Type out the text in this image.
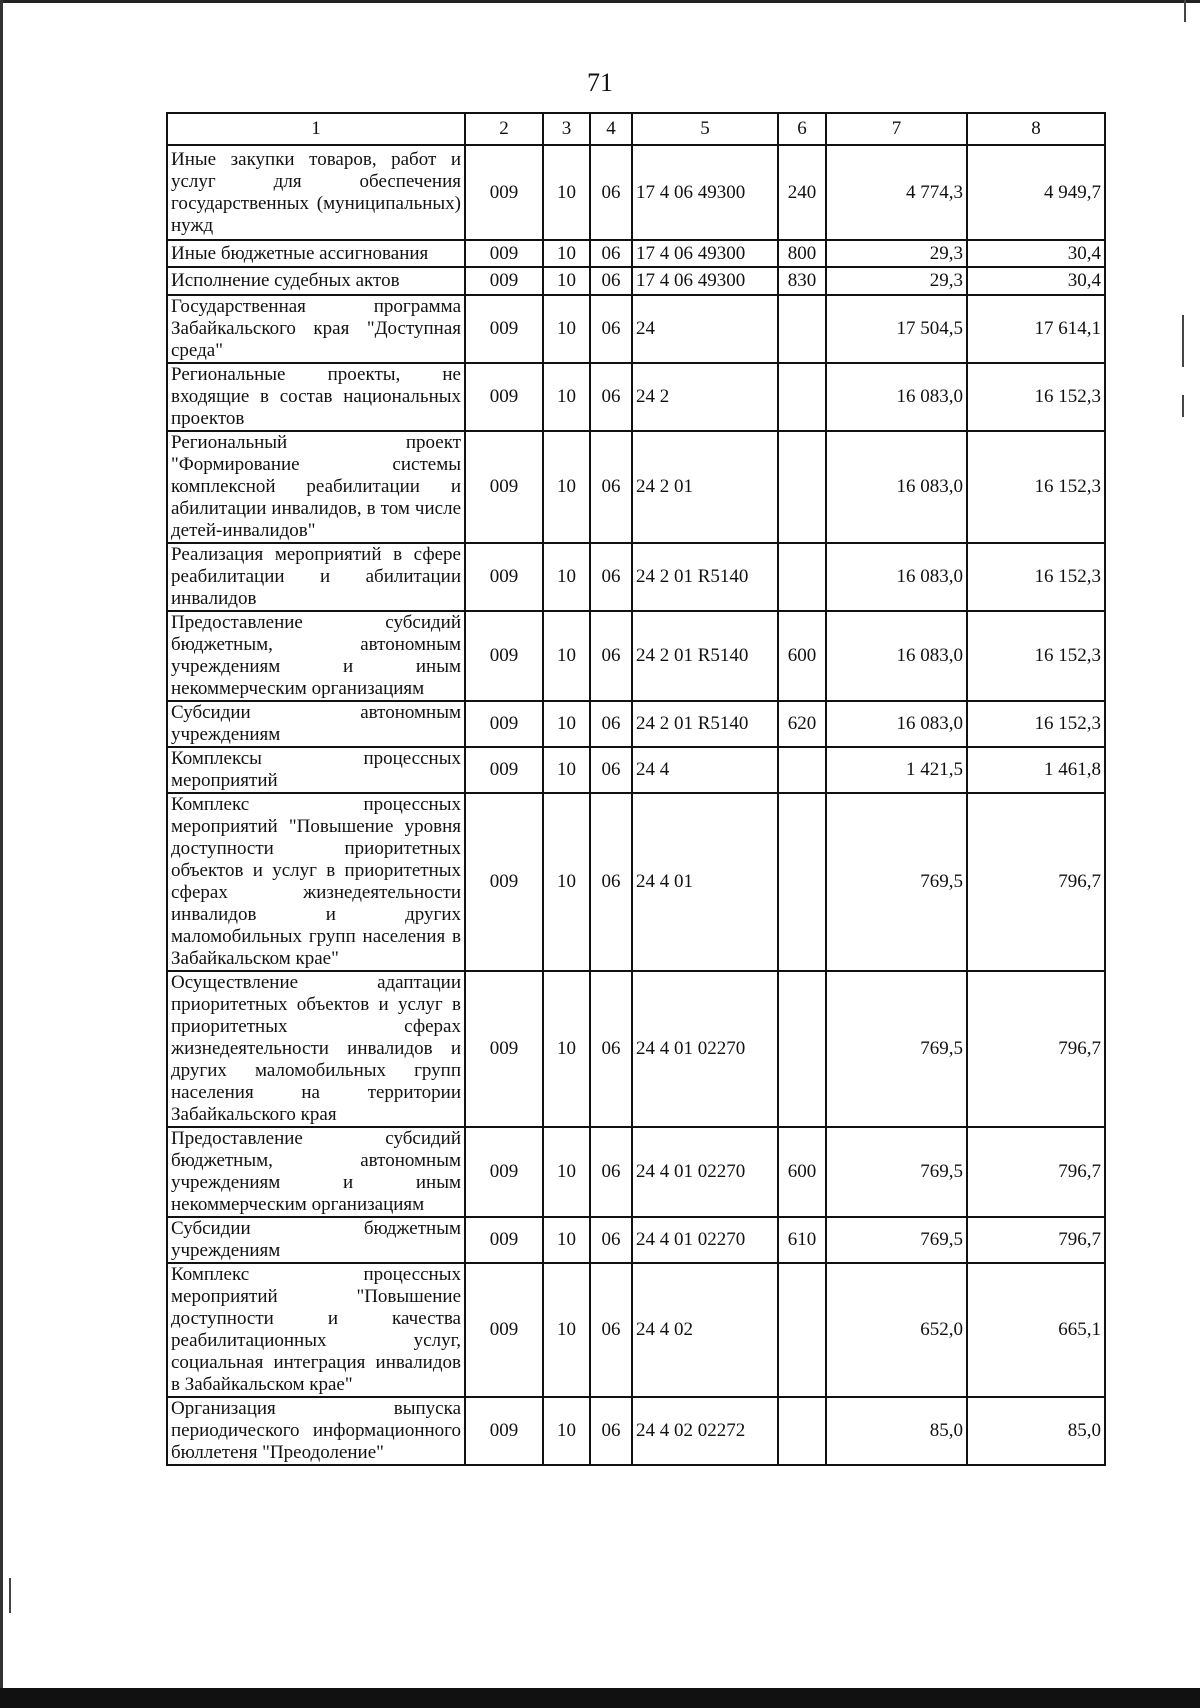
71
1	2	3	4	5	6	7	8
Иные закупки товаров, работ и услуг для обеспечения государственных (муниципальных) нужд	009	10	06	17 4 06 49300	240	4 774,3	4 949,7
Иные бюджетные ассигнования	009	10	06	17 4 06 49300	800	29,3	30,4
Исполнение судебных актов	009	10	06	17 4 06 49300	830	29,3	30,4
Государственная программа Забайкальского края "Доступная среда"	009	10	06	24		17 504,5	17 614,1
Региональные проекты, не входящие в состав национальных проектов	009	10	06	24 2		16 083,0	16 152,3
Региональный проект "Формирование системы комплексной реабилитации и абилитации инвалидов, в том числе детей-инвалидов"	009	10	06	24 2 01		16 083,0	16 152,3
Реализация мероприятий в сфере реабилитации и абилитации инвалидов	009	10	06	24 2 01 R5140		16 083,0	16 152,3
Предоставление субсидий бюджетным, автономным учреждениям и иным некоммерческим организациям	009	10	06	24 2 01 R5140	600	16 083,0	16 152,3
Субсидии автономным учреждениям	009	10	06	24 2 01 R5140	620	16 083,0	16 152,3
Комплексы процессных мероприятий	009	10	06	24 4		1 421,5	1 461,8
Комплекс процессных мероприятий "Повышение уровня доступности приоритетных объектов и услуг в приоритетных сферах жизнедеятельности инвалидов и других маломобильных групп населения в Забайкальском крае"	009	10	06	24 4 01		769,5	796,7
Осуществление адаптации приоритетных объектов и услуг в приоритетных сферах жизнедеятельности инвалидов и других маломобильных групп населения на территории Забайкальского края	009	10	06	24 4 01 02270		769,5	796,7
Предоставление субсидий бюджетным, автономным учреждениям и иным некоммерческим организациям	009	10	06	24 4 01 02270	600	769,5	796,7
Субсидии бюджетным учреждениям	009	10	06	24 4 01 02270	610	769,5	796,7
Комплекс процессных мероприятий "Повышение доступности и качества реабилитационных услуг, социальная интеграция инвалидов в Забайкальском крае"	009	10	06	24 4 02		652,0	665,1
Организация выпуска периодического информационного бюллетеня "Преодоление"	009	10	06	24 4 02 02272		85,0	85,0
